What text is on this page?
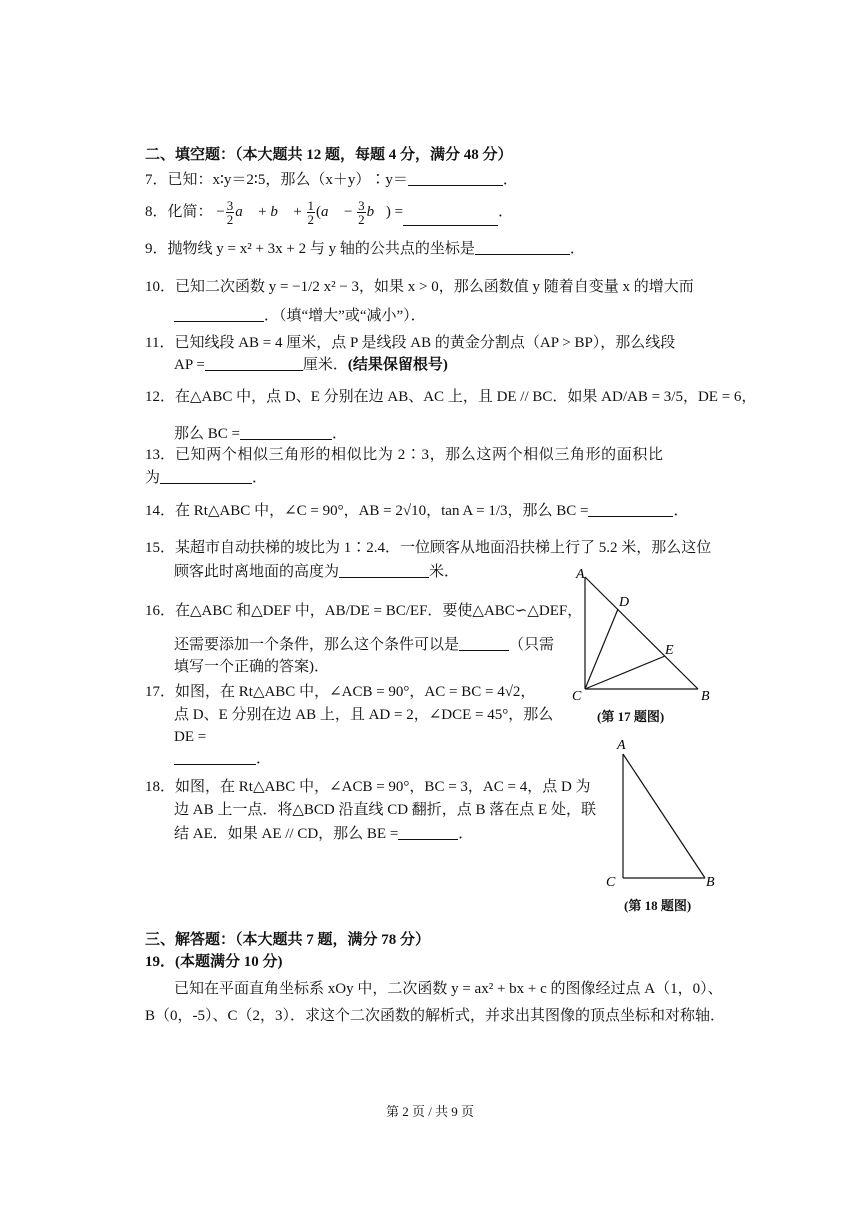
二、填空题：（本大题共 12 题，每题 4 分，满分 48 分）
7．已知：x∶y＝2∶5，那么（x＋y）∶y＝	．
8．化简： − $\frac{3}{2}$ a⃗ + b⃗ + $\frac{1}{2}$ (a⃗ − $\frac{3}{2}$ b⃗) =	．
9．抛物线 y = x² + 3x + 2 与 y 轴的公共点的坐标是	．
10．已知二次函数 y = −1/2 x² − 3，如果 x > 0，那么函数值 y 随着自变量 x 的增大而
．（填“增大”或“减小”）．
11．已知线段 AB = 4 厘米，点 P 是线段 AB 的黄金分割点（AP > BP），那么线段
AP =	厘米．(结果保留根号)
12．在△ABC 中，点 D、E 分别在边 AB、AC 上，且 DE // BC．如果 AD/AB = 3/5，DE = 6，
那么 BC =	．
13．已知两个相似三角形的相似比为 2∶3，那么这两个相似三角形的面积比
为	．
14．在 Rt△ABC 中，∠C = 90°，AB = 2√10，tan A = 1/3，那么 BC =	．
15．某超市自动扶梯的坡比为 1∶2.4．一位顾客从地面沿扶梯上行了 5.2 米，那么这位
顾客此时离地面的高度为	米．
16．在△ABC 和△DEF 中，AB/DE = BC/EF．要使△ABC∽△DEF，
还需要添加一个条件，那么这个条件可以是	（只需
填写一个正确的答案)．
17．如图，在 Rt△ABC 中，∠ACB = 90°，AC = BC = 4√2，
点 D、E 分别在边 AB 上，且 AD = 2，∠DCE = 45°，那么
DE =
．
18．如图，在 Rt△ABC 中，∠ACB = 90°，BC = 3，AC = 4，点 D 为
边 AB 上一点．将△BCD 沿直线 CD 翻折，点 B 落在点 E 处，联
结 AE．如果 AE // CD，那么 BE =	．
A
D
E
C	B
(第 17 题图)
A
C	B
(第 18 题图)
三、解答题：（本大题共 7 题，满分 78 分）
19．(本题满分 10 分)
已知在平面直角坐标系 xOy 中，二次函数 y = ax² + bx + c 的图像经过点 A（1，0）、
B（0，-5）、C（2，3）．求这个二次函数的解析式，并求出其图像的顶点坐标和对称轴．
第 2 页 / 共 9 页
